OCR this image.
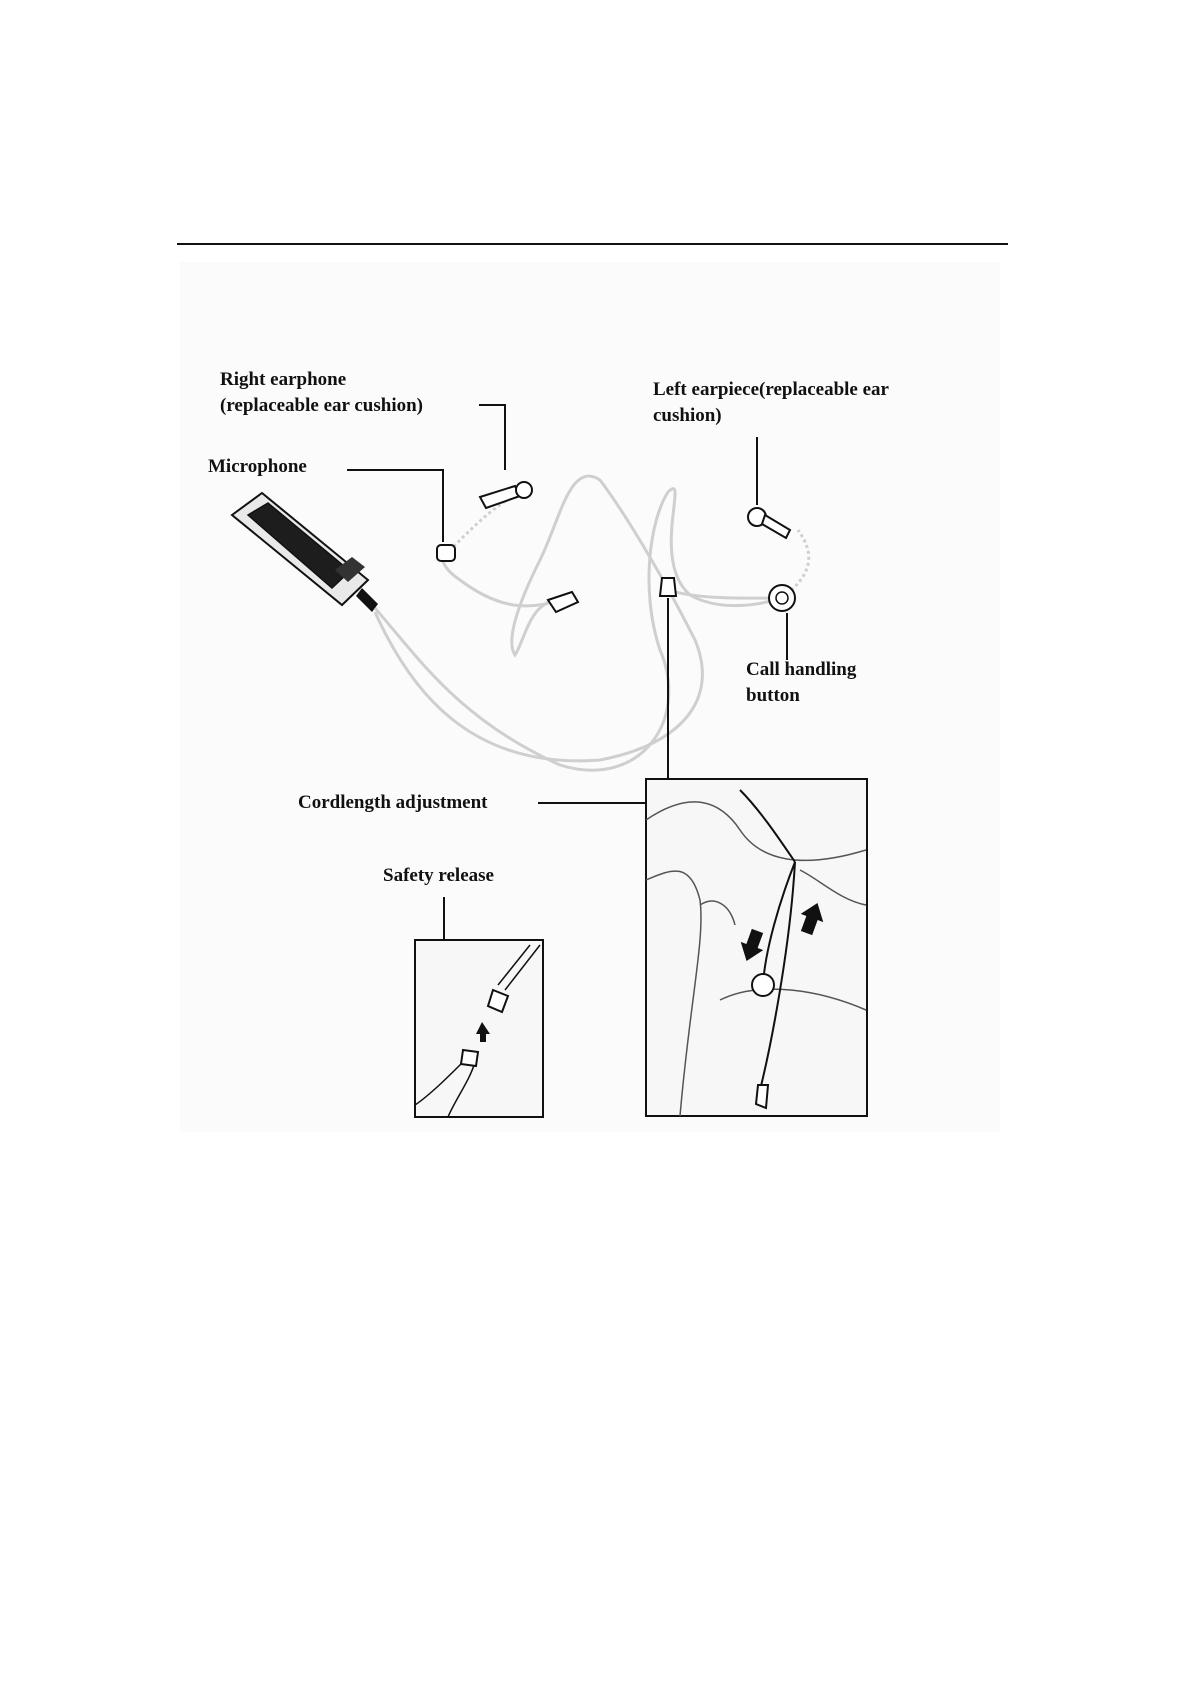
Right earphone
(replaceable ear cushion)
Left earpiece(replaceable ear
cushion)
Microphone
Call handling
button
Cordlength adjustment
Safety release
